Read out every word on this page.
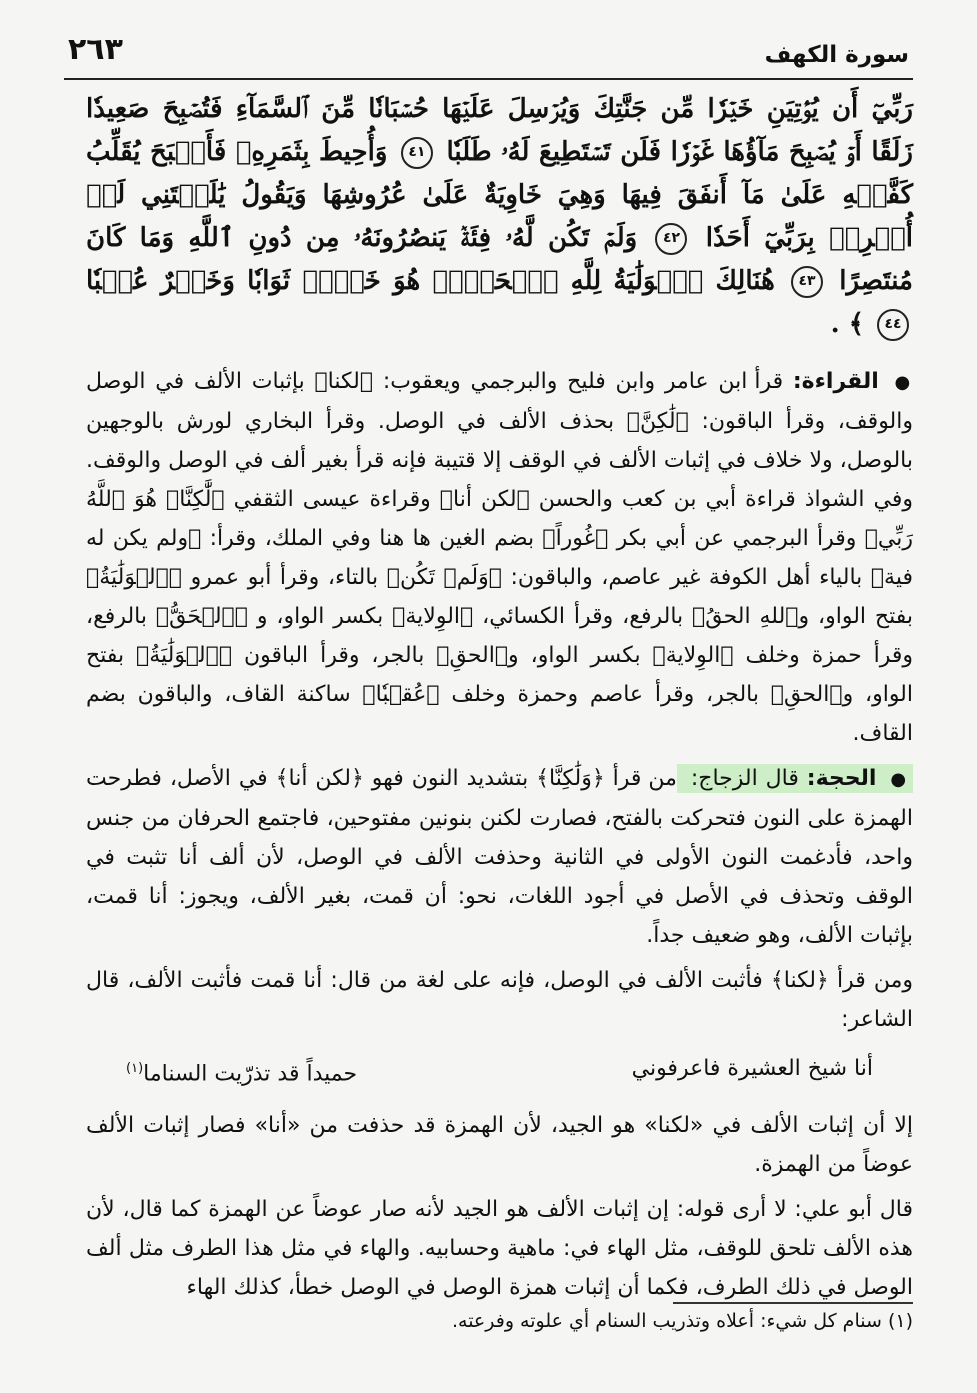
سورة الكهف
٢٦٣

رَبِّيٓ أَن يُؤۡتِيَنِ خَيۡرٗا مِّن جَنَّتِكَ وَيُرۡسِلَ عَلَيۡهَا حُسۡبَانٗا مِّنَ ٱلسَّمَآءِ فَتُصۡبِحَ صَعِيدٗا زَلَقًا أَوۡ يُصۡبِحَ مَآؤُهَا غَوۡرٗا فَلَن تَسۡتَطِيعَ لَهُۥ طَلَبٗا ٤١ وَأُحِيطَ بِثَمَرِهِۦ فَأَصۡبَحَ يُقَلِّبُ كَفَّيۡهِ عَلَىٰ مَآ أَنفَقَ فِيهَا وَهِيَ خَاوِيَةٌ عَلَىٰ عُرُوشِهَا وَيَقُولُ يَٰلَيۡتَنِي لَمۡ أُشۡرِكۡ بِرَبِّيٓ أَحَدٗا ٤٢ وَلَمۡ تَكُن لَّهُۥ فِئَةٞ يَنصُرُونَهُۥ مِن دُونِ ٱللَّهِ وَمَا كَانَ مُنتَصِرًا ٤٣ هُنَالِكَ ٱلۡوَلَٰيَةُ لِلَّهِ ٱلۡحَقِّۚ هُوَ خَيۡرٞ ثَوَابٗا وَخَيۡرٌ عُقۡبٗا ٤٤ ﴾ .

● القراءة: قرأ ابن عامر وابن فليح والبرجمي ويعقوب: ﴿لكنا﴾ بإثبات الألف في الوصل والوقف، وقرأ الباقون: ﴿لَٰكِنَّ﴾ بحذف الألف في الوصل. وقرأ البخاري لورش بالوجهين بالوصل، ولا خلاف في إثبات الألف في الوقف إلا قتيبة فإنه قرأ بغير ألف في الوصل والوقف. وفي الشواذ قراءة أبي بن كعب والحسن ﴿لكن أنا﴾ وقراءة عيسى الثقفي ﴿لَّٰكِنَّا۠ هُوَ ٱللَّهُ رَبِّي﴾ وقرأ البرجمي عن أبي بكر ﴿غُوراً﴾ بضم الغين ها هنا وفي الملك، وقرأ: ﴿ولم يكن له فية﴾ بالياء أهل الكوفة غير عاصم، والباقون: ﴿وَلَمۡ تَكُن﴾ بالتاء، وقرأ أبو عمرو ﴿ٱلۡوَلَٰيَةُ﴾ بفتح الواو، و﴿للهِ الحقُ﴾ بالرفع، وقرأ الكسائي، ﴿الوِلاية﴾ بكسر الواو، و ﴿ٱلۡحَقُّ﴾ بالرفع، وقرأ حمزة وخلف ﴿الوِلاية﴾ بكسر الواو، و﴿الحقِ﴾ بالجر، وقرأ الباقون ﴿ٱلۡوَلَٰيَةُ﴾ بفتح الواو، و﴿الحقِ﴾ بالجر، وقرأ عاصم وحمزة وخلف ﴿عُقۡبٗا﴾ ساكنة القاف، والباقون بضم القاف.

● الحجة: قال الزجاج: من قرأ ﴿وَلَٰكِنَّا﴾ بتشديد النون فهو ﴿لكن أنا﴾ في الأصل، فطرحت الهمزة على النون فتحركت بالفتح، فصارت لكنن بنونين مفتوحين، فاجتمع الحرفان من جنس واحد، فأدغمت النون الأولى في الثانية وحذفت الألف في الوصل، لأن ألف أنا تثبت في الوقف وتحذف في الأصل في أجود اللغات، نحو: أن قمت، بغير الألف، ويجوز: أنا قمت، بإثبات الألف، وهو ضعيف جداً.

ومن قرأ ﴿لكنا﴾ فأثبت الألف في الوصل، فإنه على لغة من قال: أنا قمت فأثبت الألف، قال الشاعر:

أنا شيخ العشيرة فاعرفوني
حميداً قد تذرّيت السناما$^{(١)}$

إلا أن إثبات الألف في «لكنا» هو الجيد، لأن الهمزة قد حذفت من «أنا» فصار إثبات الألف عوضاً من الهمزة.

قال أبو علي: لا أرى قوله: إن إثبات الألف هو الجيد لأنه صار عوضاً عن الهمزة كما قال، لأن هذه الألف تلحق للوقف، مثل الهاء في: ماهية وحسابيه. والهاء في مثل هذا الطرف مثل ألف الوصل في ذلك الطرف، فكما أن إثبات همزة الوصل في الوصل خطأ، كذلك الهاء

(١) سنام كل شيء: أعلاه وتذريب السنام أي علوته وفرعته.
